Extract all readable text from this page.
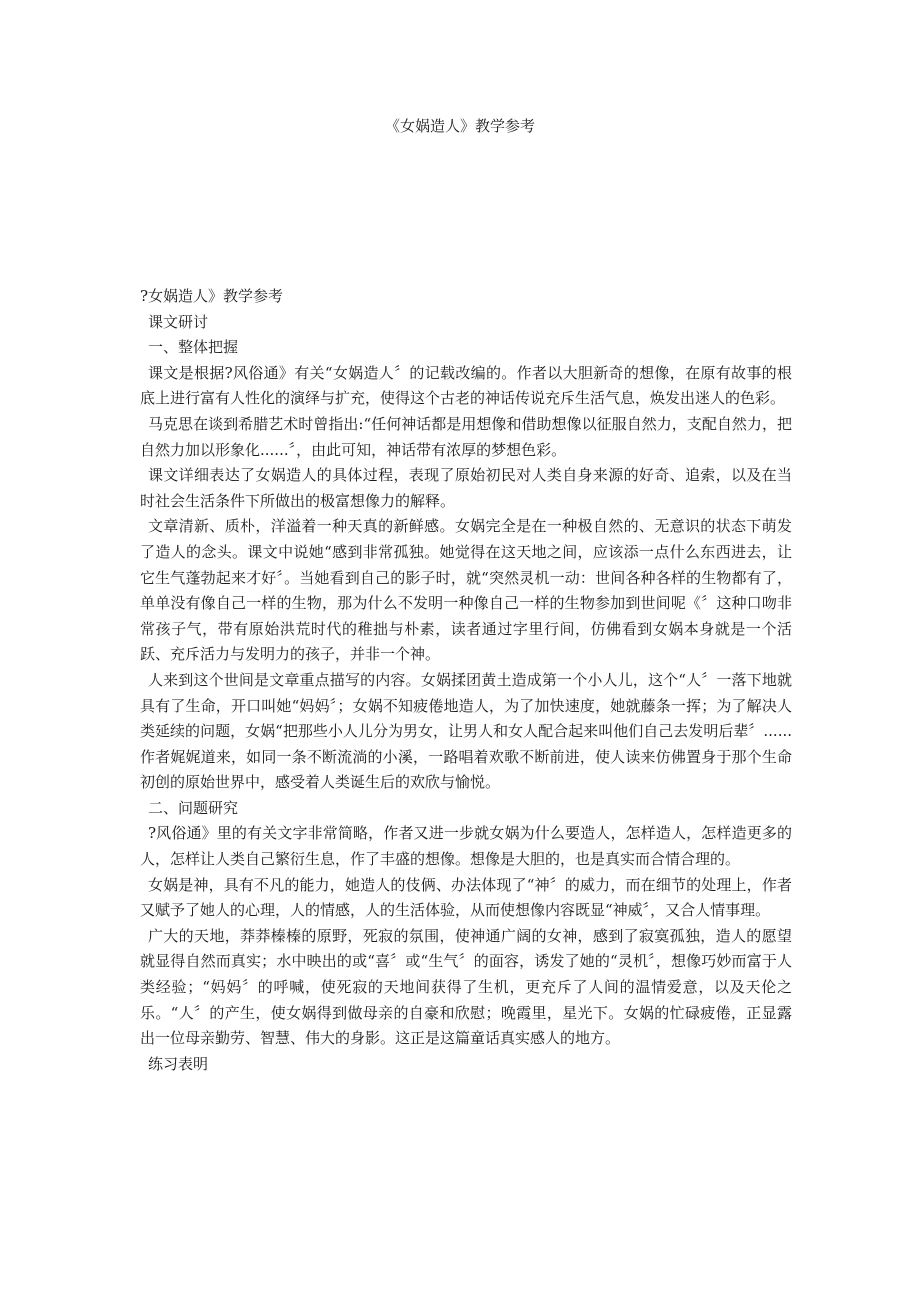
《女娲造人》教学参考

?女娲造人》教学参考

课文研讨

一、整体把握

课文是根据?风俗通》有关“女娲造人〞的记载改编的。作者以大胆新奇的想像，在原有故事的根底上进行富有人性化的演绎与扩充，使得这个古老的神话传说充斥生活气息，焕发出迷人的色彩。

马克思在谈到希腊艺术时曾指出:“任何神话都是用想像和借助想像以征服自然力，支配自然力，把自然力加以形象化......〞，由此可知，神话带有浓厚的梦想色彩。

课文详细表达了女娲造人的具体过程，表现了原始初民对人类自身来源的好奇、追索，以及在当时社会生活条件下所做出的极富想像力的解释。

文章清新、质朴，洋溢着一种天真的新鲜感。女娲完全是在一种极自然的、无意识的状态下萌发了造人的念头。课文中说她“感到非常孤独。她觉得在这天地之间，应该添一点什么东西进去，让它生气蓬勃起来才好〞。当她看到自己的影子时，就“突然灵机一动：世间各种各样的生物都有了，单单没有像自己一样的生物，那为什么不发明一种像自己一样的生物参加到世间呢《〞这种口吻非常孩子气，带有原始洪荒时代的稚拙与朴素，读者通过字里行间，仿佛看到女娲本身就是一个活跃、充斥活力与发明力的孩子，并非一个神。

人来到这个世间是文章重点描写的内容。女娲揉团黄土造成第一个小人儿，这个“人〞一落下地就具有了生命，开口叫她“妈妈〞；女娲不知疲倦地造人，为了加快速度，她就藤条一挥；为了解决人类延续的问题，女娲“把那些小人儿分为男女，让男人和女人配合起来叫他们自己去发明后辈〞......作者娓娓道来，如同一条不断流淌的小溪，一路唱着欢歌不断前进，使人读来仿佛置身于那个生命初创的原始世界中，感受着人类诞生后的欢欣与愉悦。

二、问题研究

?风俗通》里的有关文字非常简略，作者又进一步就女娲为什么要造人，怎样造人，怎样造更多的人，怎样让人类自己繁衍生息，作了丰盛的想像。想像是大胆的，也是真实而合情合理的。

女娲是神，具有不凡的能力，她造人的伎俩、办法体现了“神〞的威力，而在细节的处理上，作者又赋予了她人的心理，人的情感，人的生活体验，从而使想像内容既显“神威〞，又合人情事理。

广大的天地，莽莽榛榛的原野，死寂的氛围，使神通广阔的女神，感到了寂寞孤独，造人的愿望就显得自然而真实；水中映出的或“喜〞或“生气〞的面容，诱发了她的“灵机〞，想像巧妙而富于人类经验；“妈妈〞的呼喊，使死寂的天地间获得了生机，更充斥了人间的温情爱意，以及天伦之乐。“人〞的产生，使女娲得到做母亲的自豪和欣慰；晚霞里，星光下。女娲的忙碌疲倦，正显露出一位母亲勤劳、智慧、伟大的身影。这正是这篇童话真实感人的地方。

练习表明
